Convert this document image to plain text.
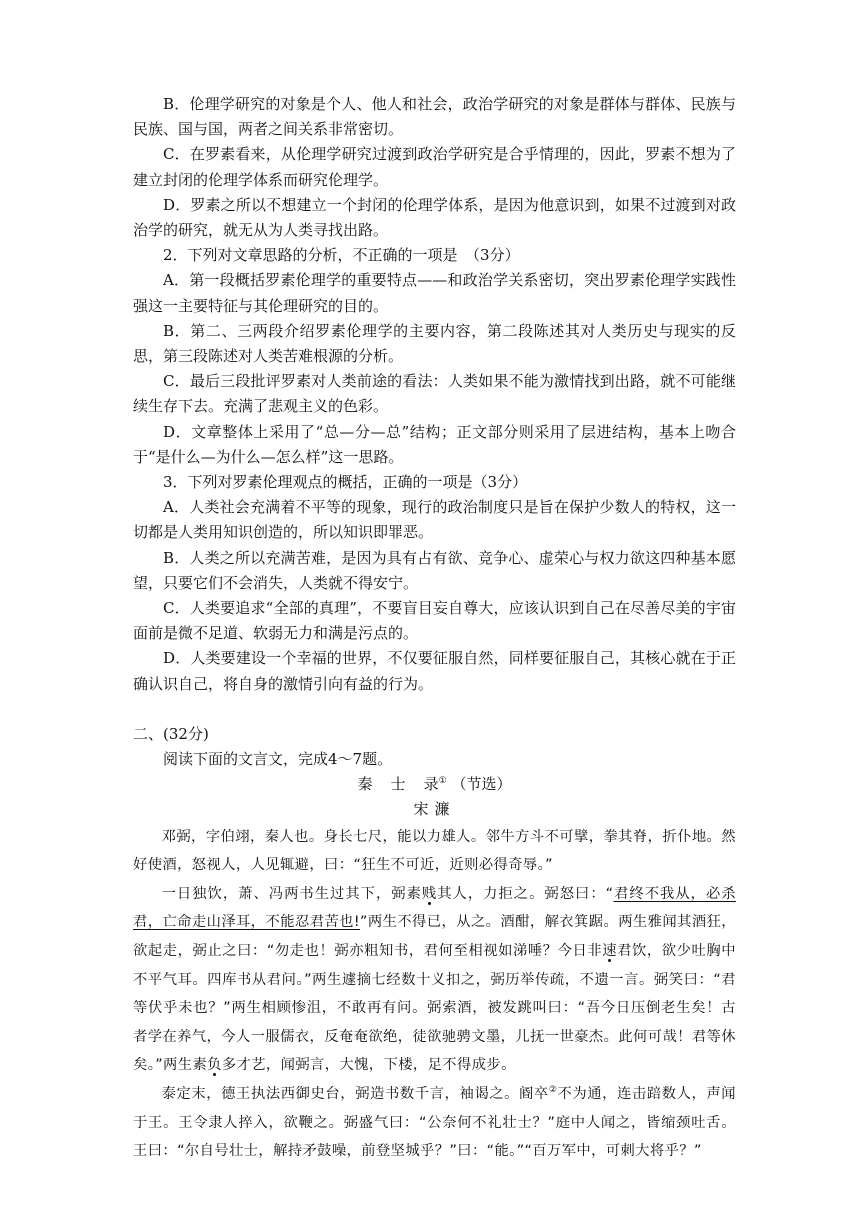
B．伦理学研究的对象是个人、他人和社会，政治学研究的对象是群体与群体、民族与民族、国与国，两者之间关系非常密切。

C．在罗素看来，从伦理学研究过渡到政治学研究是合乎情理的，因此，罗素不想为了建立封闭的伦理学体系而研究伦理学。

D．罗素之所以不想建立一个封闭的伦理学体系，是因为他意识到，如果不过渡到对政治学的研究，就无从为人类寻找出路。

2．下列对文章思路的分析，不正确的一项是　（3分）

A．第一段概括罗素伦理学的重要特点——和政治学关系密切，突出罗素伦理学实践性强这一主要特征与其伦理研究的目的。

B．第二、三两段介绍罗素伦理学的主要内容，第二段陈述其对人类历史与现实的反思，第三段陈述对人类苦难根源的分析。

C．最后三段批评罗素对人类前途的看法：人类如果不能为激情找到出路，就不可能继续生存下去。充满了悲观主义的色彩。

D．文章整体上采用了“总—分—总”结构；正文部分则采用了层进结构，基本上吻合于“是什么—为什么—怎么样”这一思路。

3．下列对罗素伦理观点的概括，正确的一项是（3分）

A．人类社会充满着不平等的现象，现行的政治制度只是旨在保护少数人的特权，这一切都是人类用知识创造的，所以知识即罪恶。

B．人类之所以充满苦难，是因为具有占有欲、竞争心、虚荣心与权力欲这四种基本愿望，只要它们不会消失，人类就不得安宁。

C．人类要追求“全部的真理”，不要盲目妄自尊大，应该认识到自己在尽善尽美的宇宙面前是微不足道、软弱无力和满是污点的。

D．人类要建设一个幸福的世界，不仅要征服自然，同样要征服自己，其核心就在于正确认识自己，将自身的激情引向有益的行为。

二、(32分)

阅读下面的文言文，完成4～7题。

秦 士 录① （节选）

宋濂

邓弼，字伯翊，秦人也。身长七尺，能以力雄人。邻牛方斗不可擘，拳其脊，折仆地。然好使酒，怒视人，人见辄避，曰：“狂生不可近，近则必得奇辱。”

一日独饮，萧、冯两书生过其下，弼素贱其人，力拒之。弼怒曰：“君终不我从，必杀君，亡命走山泽耳，不能忍君苦也!”两生不得已，从之。酒酣，解衣箕踞。两生雅闻其酒狂，欲起走，弼止之曰：“勿走也！弼亦粗知书，君何至相视如涕唾？今日非速君饮，欲少吐胸中不平气耳。四库书从君问。”两生遽摘七经数十义扣之，弼历举传疏，不遗一言。弼笑曰：“君等伏乎未也？”两生相顾惨沮，不敢再有问。弼索酒，被发跳叫曰：“吾今日压倒老生矣！古者学在养气，今人一服儒衣，反奄奄欲绝，徒欲驰骋文墨，儿抚一世豪杰。此何可哉！君等休矣。”两生素负多才艺，闻弼言，大愧，下楼，足不得成步。

泰定末，德王执法西御史台，弼造书数千言，袖谒之。阍卒②不为通，连击踣数人，声闻于王。王令隶人捽入，欲鞭之。弼盛气曰：“公奈何不礼壮士？”庭中人闻之，皆缩颈吐舌。王曰：“尔自号壮士，解持矛鼓噪，前登坚城乎？”曰：“能。”“百万军中，可刺大将乎？”
